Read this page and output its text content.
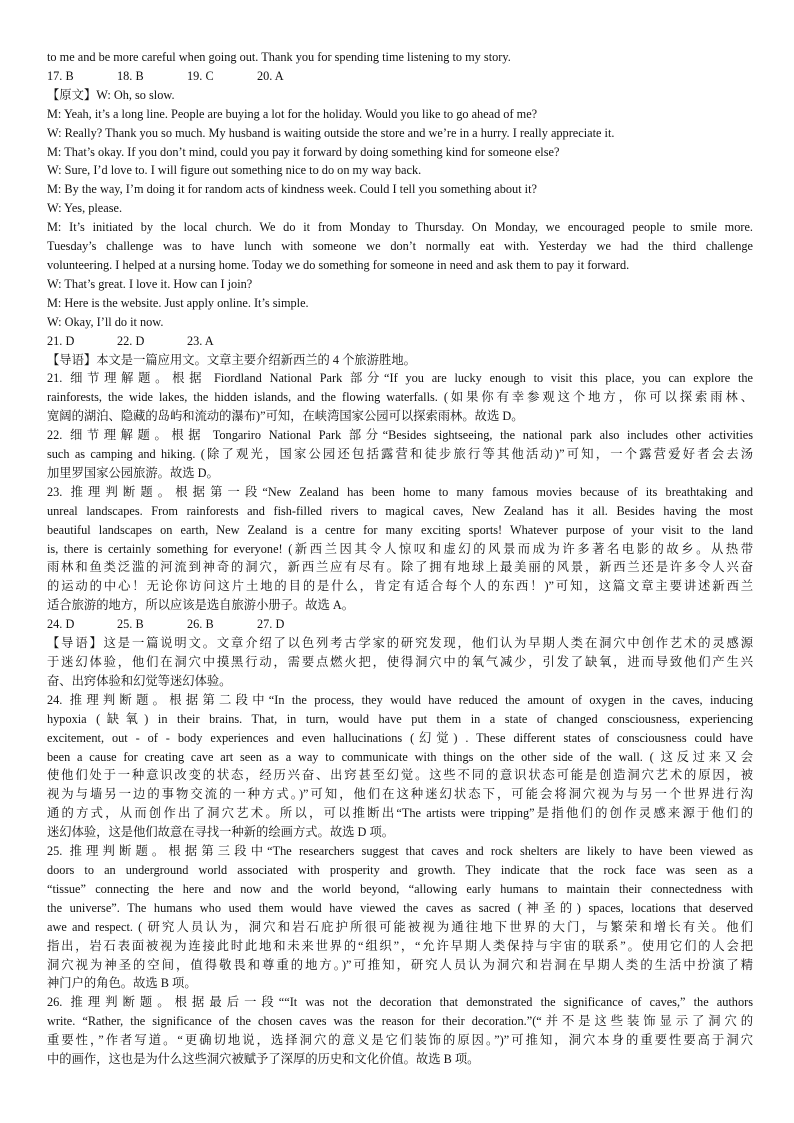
to me and be more careful when going out. Thank you for spending time listening to my story.
17. B	18. B	19. C	20. A
【原文】W: Oh, so slow.
M: Yeah, it’s a long line. People are buying a lot for the holiday. Would you like to go ahead of me?
W: Really? Thank you so much. My husband is waiting outside the store and we’re in a hurry. I really appreciate it.
M: That’s okay. If you don’t mind, could you pay it forward by doing something kind for someone else?
W: Sure, I’d love to. I will figure out something nice to do on my way back.
M: By the way, I’m doing it for random acts of kindness week. Could I tell you something about it?
W: Yes, please.
M: It’s initiated by the local church. We do it from Monday to Thursday. On Monday, we encouraged people to smile more.
Tuesday’s challenge was to have lunch with someone we don’t normally eat with. Yesterday we had the third challenge
volunteering. I helped at a nursing home. Today we do something for someone in need and ask them to pay it forward.
W: That’s great. I love it. How can I join?
M: Here is the website. Just apply online. It’s simple.
W: Okay, I’ll do it now.
21. D	22. D	23. A
【导语】本文是一篇应用文。文章主要介绍新西兰的 4 个旅游胜地。
21. 细节理解题。根据 Fiordland National Park 部分“If you are lucky enough to visit this place, you can explore the
rainforests, the wide lakes, the hidden islands, and the flowing waterfalls. (如果你有幸参观这个地方，你可以探索雨林、
宽阔的湖泊、隐藏的岛屿和流动的瀑布)”可知，在峡湾国家公园可以探索雨林。故选 D。
22. 细节理解题。根据 Tongariro National Park 部分“Besides sightseeing, the national park also includes other activities
such as camping and hiking. (除了观光，国家公园还包括露营和徒步旅行等其他活动)”可知，一个露营爱好者会去汤
加里罗国家公园旅游。故选 D。
23. 推理判断题。根据第一段“New Zealand has been home to many famous movies because of its breathtaking and
unreal landscapes. From rainforests and fish-filled rivers to magical caves, New Zealand has it all. Besides having the most
beautiful landscapes on earth, New Zealand is a centre for many exciting sports! Whatever purpose of your visit to the land
is, there is certainly something for everyone! (新西兰因其令人惊叹和虚幻的风景而成为许多著名电影的故乡。从热带
雨林和鱼类泛滥的河流到神奇的洞穴，新西兰应有尽有。除了拥有地球上最美丽的风景，新西兰还是许多令人兴奋
的运动的中心！无论你访问这片土地的目的是什么，肯定有适合每个人的东西！)”可知，这篇文章主要讲述新西兰
适合旅游的地方，所以应该是选自旅游小册子。故选 A。
24. D	25. B	26. B	27. D
【导语】这是一篇说明文。文章介绍了以色列考古学家的研究发现，他们认为早期人类在洞穴中创作艺术的灵感源
于迷幻体验，他们在洞穴中摸黑行动，需要点燃火把，使得洞穴中的氧气减少，引发了缺氧，进而导致他们产生兴
奋、出窍体验和幻觉等迷幻体验。
24. 推理判断题。根据第二段中“In the process, they would have reduced the amount of oxygen in the caves, inducing
hypoxia (缺氧) in their brains. That, in turn, would have put them in a state of changed consciousness, experiencing
excitement, out - of - body experiences and even hallucinations (幻觉) . These different states of consciousness could have
been a cause for creating cave art seen as a way to communicate with things on the other side of the wall. ( 这反过来又会
使他们处于一种意识改变的状态，经历兴奋、出窍甚至幻觉。这些不同的意识状态可能是创造洞穴艺术的原因，被
视为与墙另一边的事物交流的一种方式。)”可知，他们在这种迷幻状态下，可能会将洞穴视为与另一个世界进行沟
通的方式，从而创作出了洞穴艺术。所以，可以推断出“The artists were tripping”是指他们的创作灵感来源于他们的
迷幻体验，这是他们故意在寻找一种新的绘画方式。故选 D 项。
25. 推理判断题。根据第三段中“The researchers suggest that caves and rock shelters are likely to have been viewed as
doors to an underground world associated with prosperity and growth. They indicate that the rock face was seen as a
“tissue” connecting the here and now and the world beyond, “allowing early humans to maintain their connectedness with
the universe”. The humans who used them would have viewed the caves as sacred (神圣的) spaces, locations that deserved
awe and respect. ( 研究人员认为，洞穴和岩石庇护所很可能被视为通往地下世界的大门，与繁荣和增长有关。他们
指出，岩石表面被视为连接此时此地和未来世界的“组织”，“允许早期人类保持与宇宙的联系”。使用它们的人会把
洞穴视为神圣的空间，值得敬畏和尊重的地方。)”可推知，研究人员认为洞穴和岩洞在早期人类的生活中扮演了精
神门户的角色。故选 B 项。
26. 推理判断题。根据最后一段““It was not the decoration that demonstrated the significance of caves,” the authors
write. “Rather, the significance of the chosen caves was the reason for their decoration.”(“并不是这些装饰显示了洞穴的
重要性，”作者写道。“更确切地说，选择洞穴的意义是它们装饰的原因。”)”可推知，洞穴本身的重要性要高于洞穴
中的画作，这也是为什么这些洞穴被赋予了深厚的历史和文化价值。故选 B 项。
